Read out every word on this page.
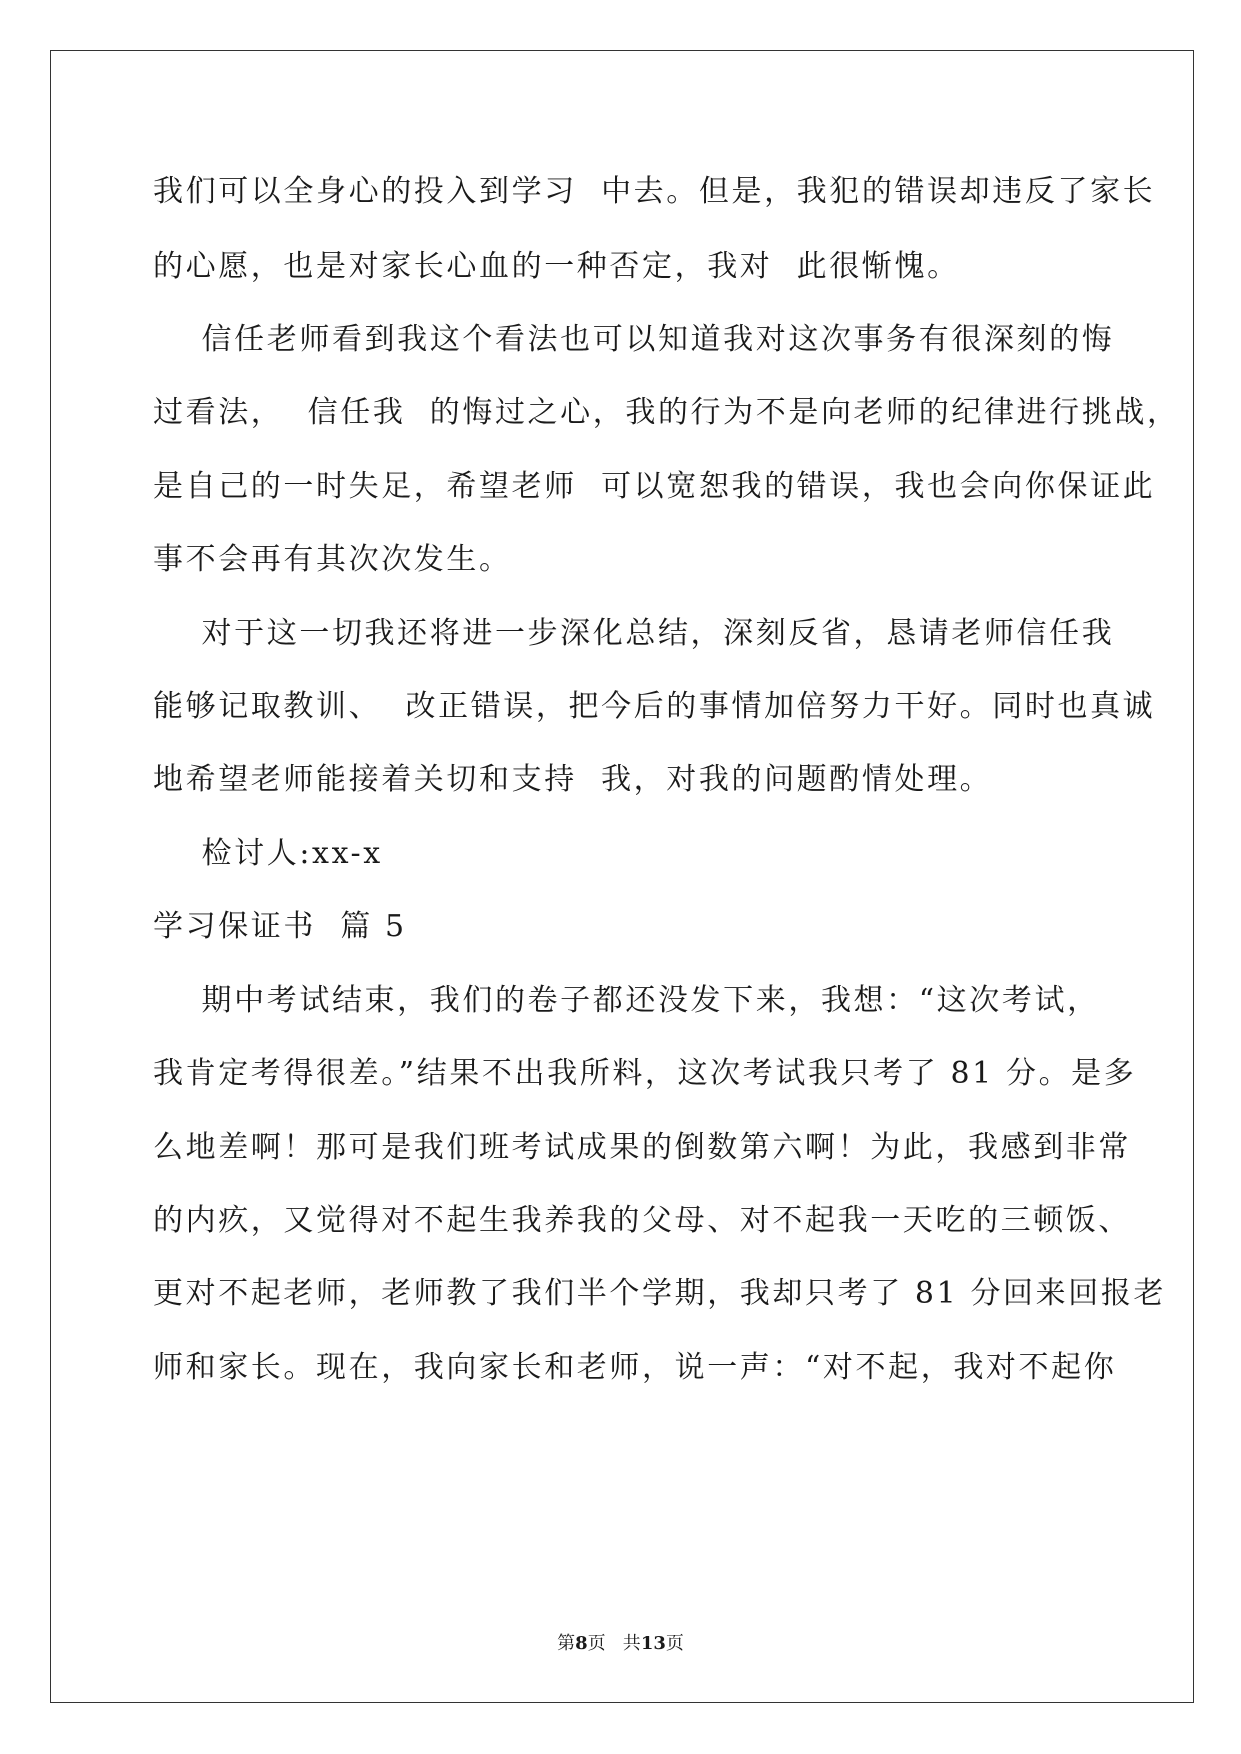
我们可以全身心的投入到学习  中去。但是，我犯的错误却违反了家长
的心愿，也是对家长心血的一种否定，我对  此很惭愧。
信任老师看到我这个看法也可以知道我对这次事务有很深刻的悔
过看法，  信任我  的悔过之心，我的行为不是向老师的纪律进行挑战，
是自己的一时失足，希望老师  可以宽恕我的错误，我也会向你保证此
事不会再有其次次发生。
对于这一切我还将进一步深化总结，深刻反省，恳请老师信任我
能够记取教训、  改正错误，把今后的事情加倍努力干好。同时也真诚
地希望老师能接着关切和支持  我，对我的问题酌情处理。
检讨人:xx-x
学习保证书  篇 5
期中考试结束，我们的卷子都还没发下来，我想：“这次考试，
我肯定考得很差。”结果不出我所料，这次考试我只考了 81 分。是多
么地差啊！那可是我们班考试成果的倒数第六啊！为此，我感到非常
的内疚，又觉得对不起生我养我的父母、对不起我一天吃的三顿饭、
更对不起老师，老师教了我们半个学期，我却只考了 81 分回来回报老
师和家长。现在，我向家长和老师，说一声：“对不起，我对不起你
第8页   共13页
